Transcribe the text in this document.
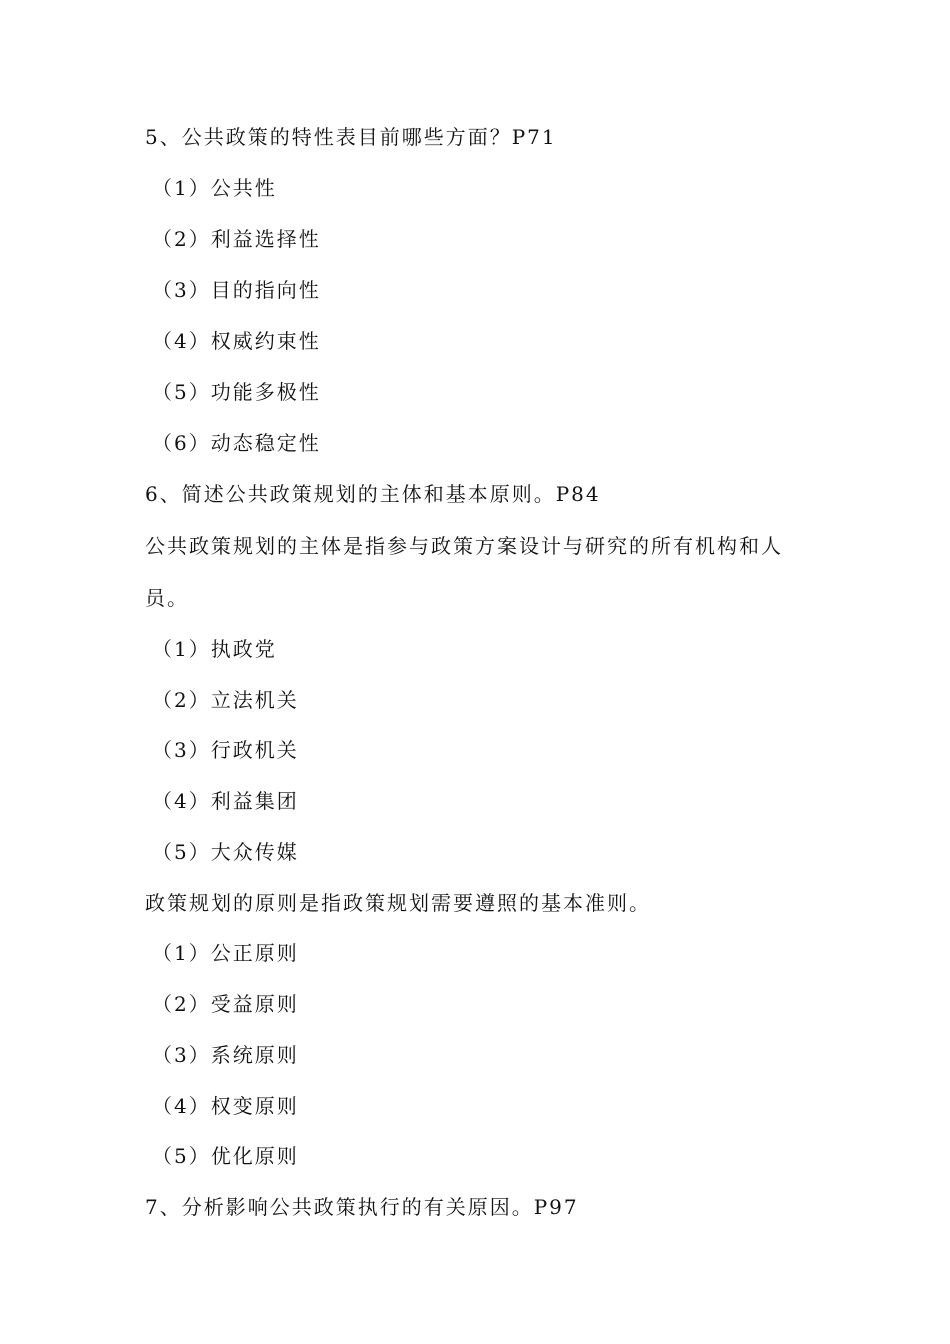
5、公共政策的特性表目前哪些方面？P71
（1）公共性
（2）利益选择性
（3）目的指向性
（4）权威约束性
（5）功能多极性
（6）动态稳定性
6、简述公共政策规划的主体和基本原则。P84
公共政策规划的主体是指参与政策方案设计与研究的所有机构和人
员。
（1）执政党
（2）立法机关
（3）行政机关
（4）利益集团
（5）大众传媒
政策规划的原则是指政策规划需要遵照的基本准则。
（1）公正原则
（2）受益原则
（3）系统原则
（4）权变原则
（5）优化原则
7、分析影响公共政策执行的有关原因。P97
